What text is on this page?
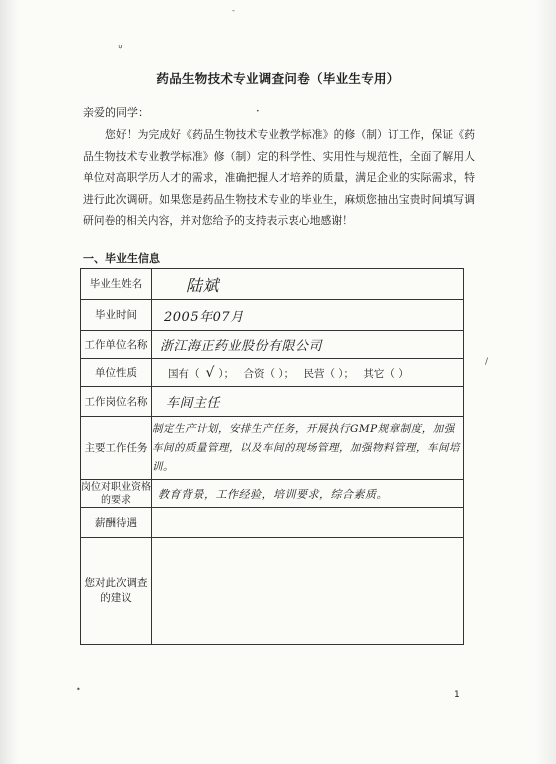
ᐡ
-
•
/
•
药品生物技术专业调查问卷（毕业生专用）
亲爱的同学：
您好！为完成好《药品生物技术专业教学标准》的修（制）订工作，保证《药品生物技术专业教学标准》修（制）定的科学性、实用性与规范性，全面了解用人单位对高职学历人才的需求，准确把握人才培养的质量，满足企业的实际需求，特进行此次调研。如果您是药品生物技术专业的毕业生，麻烦您抽出宝贵时间填写调研问卷的相关内容，并对您给予的支持表示衷心地感谢！
一、毕业生信息
毕业生姓名	陆斌
毕业时间	2005年07月
工作单位名称	浙江海正药业股份有限公司
单位性质	国有（ √ ）； 合资（ ）； 民营（ ）； 其它（ ）
工作岗位名称	车间主任
主要工作任务	制定生产计划，安排生产任务，开展执行GMP规章制度，加强车间的质量管理，以及车间的现场管理，加强物料管理，车间培训。
岗位对职业资格的要求	教育背景，工作经验，培训要求，综合素质。
薪酬待遇	
您对此次调查的建议	
1
